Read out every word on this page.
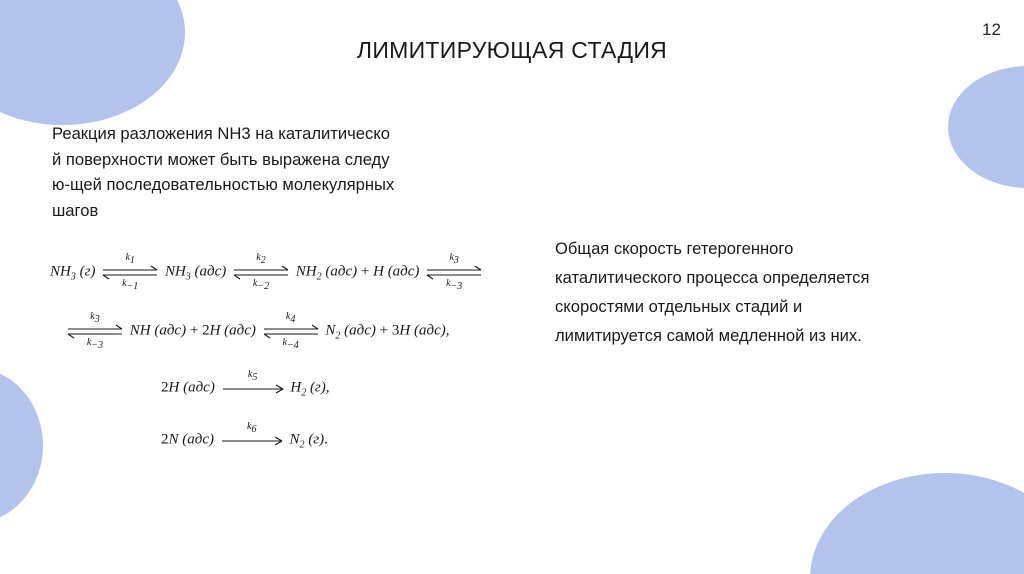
12
ЛИМИТИРУЮЩАЯ СТАДИЯ

Реакция разложения NH3 на каталитическо

й поверхности может быть выражена следу

ю-щей последовательностью молекулярных

шагов

Общая скорость гетерогенного
каталитического процесса определяется
скоростями отдельных стадий и
лимитируется самой медленной из них.
$NH_3$ (г)
$k_1$
$k_{-1}$
$NH_3$ (адс)
$k_2$
$k_{-2}$
$NH_2$ (адс) + H (адс)
$k_3$
$k_{-3}$
$k_3$
$k_{-3}$
NH (адс) + 2H (адс)
$k_4$
$k_{-4}$
$N_2$ (адс) + 3H (адс),
2H (адс)
$k_5$
$H_2$ (г),
2N (адс)
$k_6$
$N_2$ (г).
